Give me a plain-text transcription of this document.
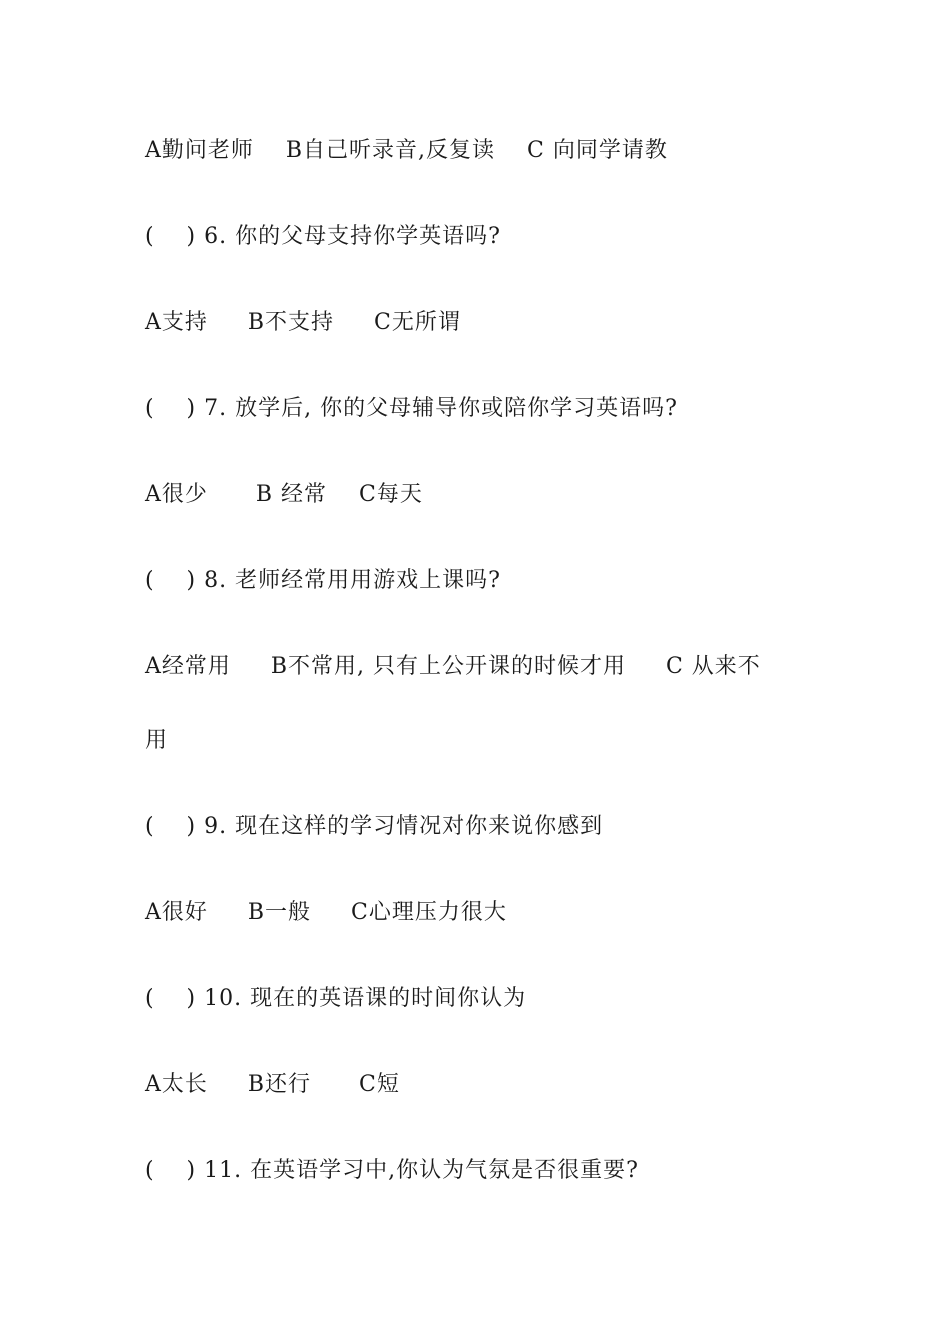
A勤问老师    B自己听录音,反复读    C 向同学请教
(    ) 6. 你的父母支持你学英语吗?
A支持     B不支持     C无所谓
(    ) 7. 放学后, 你的父母辅导你或陪你学习英语吗?
A很少      B 经常    C每天
(    ) 8. 老师经常用用游戏上课吗?
A经常用     B不常用, 只有上公开课的时候才用     C 从来不
用
(    ) 9. 现在这样的学习情况对你来说你感到
A很好     B一般     C心理压力很大
(    ) 10. 现在的英语课的时间你认为
A太长     B还行      C短
(    ) 11. 在英语学习中,你认为气氛是否很重要?
